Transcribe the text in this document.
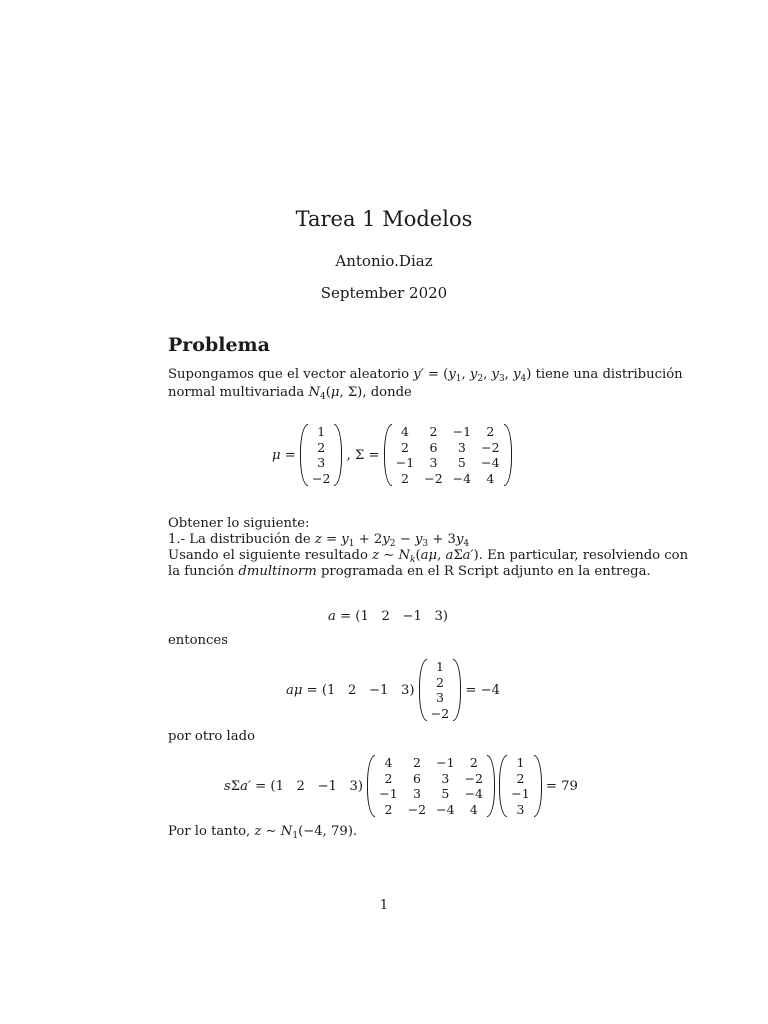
Tarea 1 Modelos
Antonio.Diaz
September 2020
Problema
Supongamos que el vector aleatorio $y' = (y_1$, $y_2$, $y_3$, $y_4$) tiene una distribución
normal multivariada $N_4(\mu$, Σ), donde
μ =
1
2
3
−2
, Σ =
4	2	−1	2
2	6	3	−2
−1	3	5	−4
2	−2	−4	4
Obtener lo siguiente:
1.- La distribución de $z = y_1 + 2y_2 - y_3 + 3y_4$
Usando el siguiente resultado z ∼ $N_k(a\mu$, aΣa′). En particular, resolviendo con
la función dmultinorm programada en el R Script adjunto en la entrega.
a = (1 2 −1 3)
entonces
aμ = ( 1
2
−1
3 )
1
2
3
−2

= −4
por otro lado
s Σ a′ = ( 1
2
−1
3 )
4	2	−1	2
2	6	3	−2
−1	3	5	−4
2	−2	−4	4

1
2
−1
3

= 79
Por lo tanto, z ∼ $N_1(-4$, 79).
1
